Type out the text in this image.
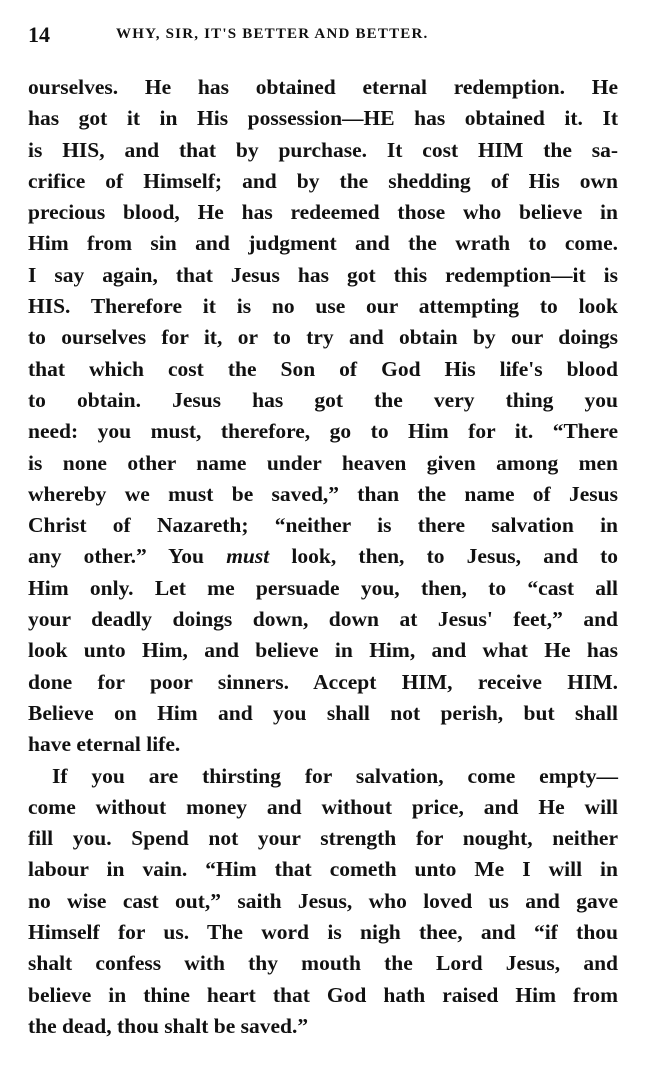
14	WHY, SIR, IT'S BETTER AND BETTER.
ourselves. He has obtained eternal redemption. He
has got it in His possession—HE has obtained it. It
is HIS, and that by purchase. It cost HIM the sa-
crifice of Himself; and by the shedding of His own
precious blood, He has redeemed those who believe in
Him from sin and judgment and the wrath to come.
I say again, that Jesus has got this redemption—it is
HIS. Therefore it is no use our attempting to look
to ourselves for it, or to try and obtain by our doings
that which cost the Son of God His life's blood
to obtain. Jesus has got the very thing you
need: you must, therefore, go to Him for it. “There
is none other name under heaven given among men
whereby we must be saved,” than the name of Jesus
Christ of Nazareth; “neither is there salvation in
any other.” You must look, then, to Jesus, and to
Him only. Let me persuade you, then, to “cast all
your deadly doings down, down at Jesus' feet,” and
look unto Him, and believe in Him, and what He has
done for poor sinners. Accept HIM, receive HIM.
Believe on Him and you shall not perish, but shall
have eternal life.
If you are thirsting for salvation, come empty—
come without money and without price, and He will
fill you. Spend not your strength for nought, neither
labour in vain. “Him that cometh unto Me I will in
no wise cast out,” saith Jesus, who loved us and gave
Himself for us. The word is nigh thee, and “if thou
shalt confess with thy mouth the Lord Jesus, and
believe in thine heart that God hath raised Him from
the dead, thou shalt be saved.”
